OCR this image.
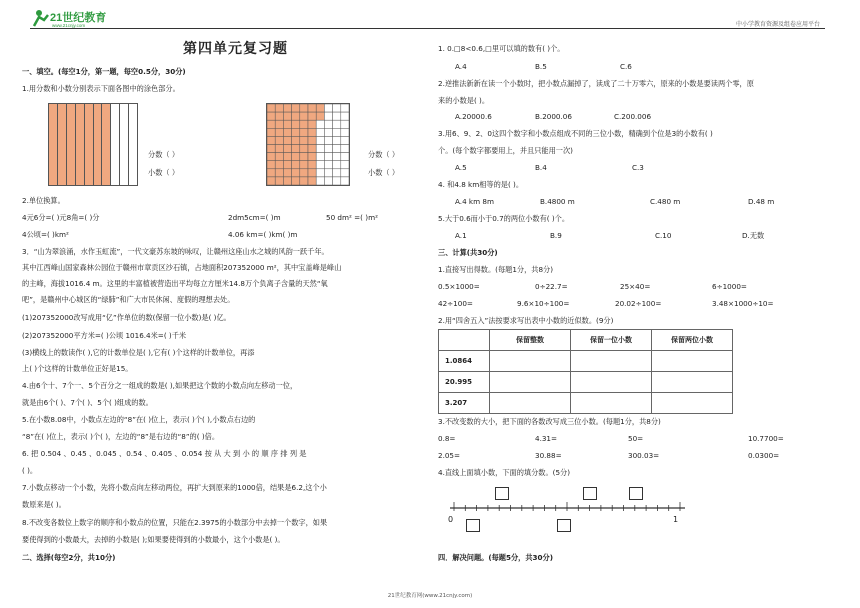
21世纪教育
www.21cnjy.com	中小学教育资源及组卷应用平台
第四单元复习题
一、填空。(每空1分，第一题，每空0.5分，30分)
1.用分数和小数分别表示下面各图中的涂色部分。
分数（ ）
小数（ ）
分数（ ）
小数（ ）
2.单位换算。
4元6分=( )元8角=( )分	2dm5cm=( )m	50 dm² =( )m²
4公顷=( )km²	4.06 km=( )km( )m
3．“山为翠浪涌，水作玉虹流”，一代文豪苏东坡的咏叹，让赣州这座山水之城的风韵一跃千年。
其中江西峰山国家森林公园位于赣州市章贡区沙石镇，占地面积207352000 m²，其中宝盖峰是峰山
的主峰，海拔1016.4 m。这里的丰富植被营造出平均每立方厘米14.8万个负离子含量的天然“氧
吧”，是赣州中心城区的“绿肺”和广大市民休闲、度假的理想去处。
(1)207352000改写成用“亿”作单位的数(保留一位小数)是( )亿。
(2)207352000平方米=( )公顷 1016.4米=( )千米
(3)横线上的数读作( ),它的计数单位是( ),它有( )个这样的计数单位，再添
上( )个这样的计数单位正好是15。
4.由6个十、7个一、5个百分之一组成的数是( ),如果把这个数的小数点向左移动一位，
就是由6个( )、7个( )、5个( )组成的数。
5.在小数8.08中，小数点左边的“8”在( )位上，表示( )个( ),小数点右边的
“8”在( )位上，表示( )个( )，左边的“8”是右边的“8”的( )倍。
6. 把 0.504 、0.45 、0.045 、0.54 、0.405 、0.054 按 从 大 到 小 的 顺 序 排 列 是
( )。
7.小数点移动一个小数，先将小数点向左移动两位，再扩大到原来的1000倍，结果是6.2,这个小
数原来是( )。
8.不改变各数位上数字的顺序和小数点的位置，只能在2.3975的小数部分中去掉一个数字，如果
要使得到的小数最大，去掉的小数是( );如果要使得到的小数最小，这个小数是( )。
二、选择(每空2分，共10分)
1. 0.□8<0.6,□里可以填的数有( )个。
A.4	B.5	C.6
2.逆推法新新在读一个小数时，把小数点漏掉了，读成了二十万零六，原来的小数是要读两个零，原
来的小数是( )。
A.20000.6	B.2000.06	C.200.006
3.用6、9、2、0这四个数字和小数点组成不同的三位小数，精确到个位是3的小数有( )
个。(每个数字都要用上，并且只能用一次)
A.5	B.4	C.3
4. 和4.8 km相等的是( )。
A.4 km 8m	B.4800 m	C.480 m	D.48 m
5.大于0.6而小于0.7的两位小数有( )个。
A.1	B.9	C.10	D.无数
三、计算(共30分)
1.直接写出得数。(每题1分，共8分)
0.5×1000=	0÷22.7=	25×40=	6÷1000=
42÷100=	9.6×10÷100=	20.02÷100=	3.48×1000÷10=
2.用“四舍五入”法按要求写出表中小数的近似数。(9分)
	保留整数	保留一位小数	保留两位小数
1.0864			
20.995			
3.207			
3.不改变数的大小，把下面的各数改写成三位小数。(每题1分，共8分)
0.8=	4.31=	50=	10.7700=
2.05=	30.88=	300.03=	0.0300=
4.直线上面填小数，下面的填分数。(5分)
0	1
四．解决问题。(每题5分，共30分)
21世纪教育网(www.21cnjy.com)
